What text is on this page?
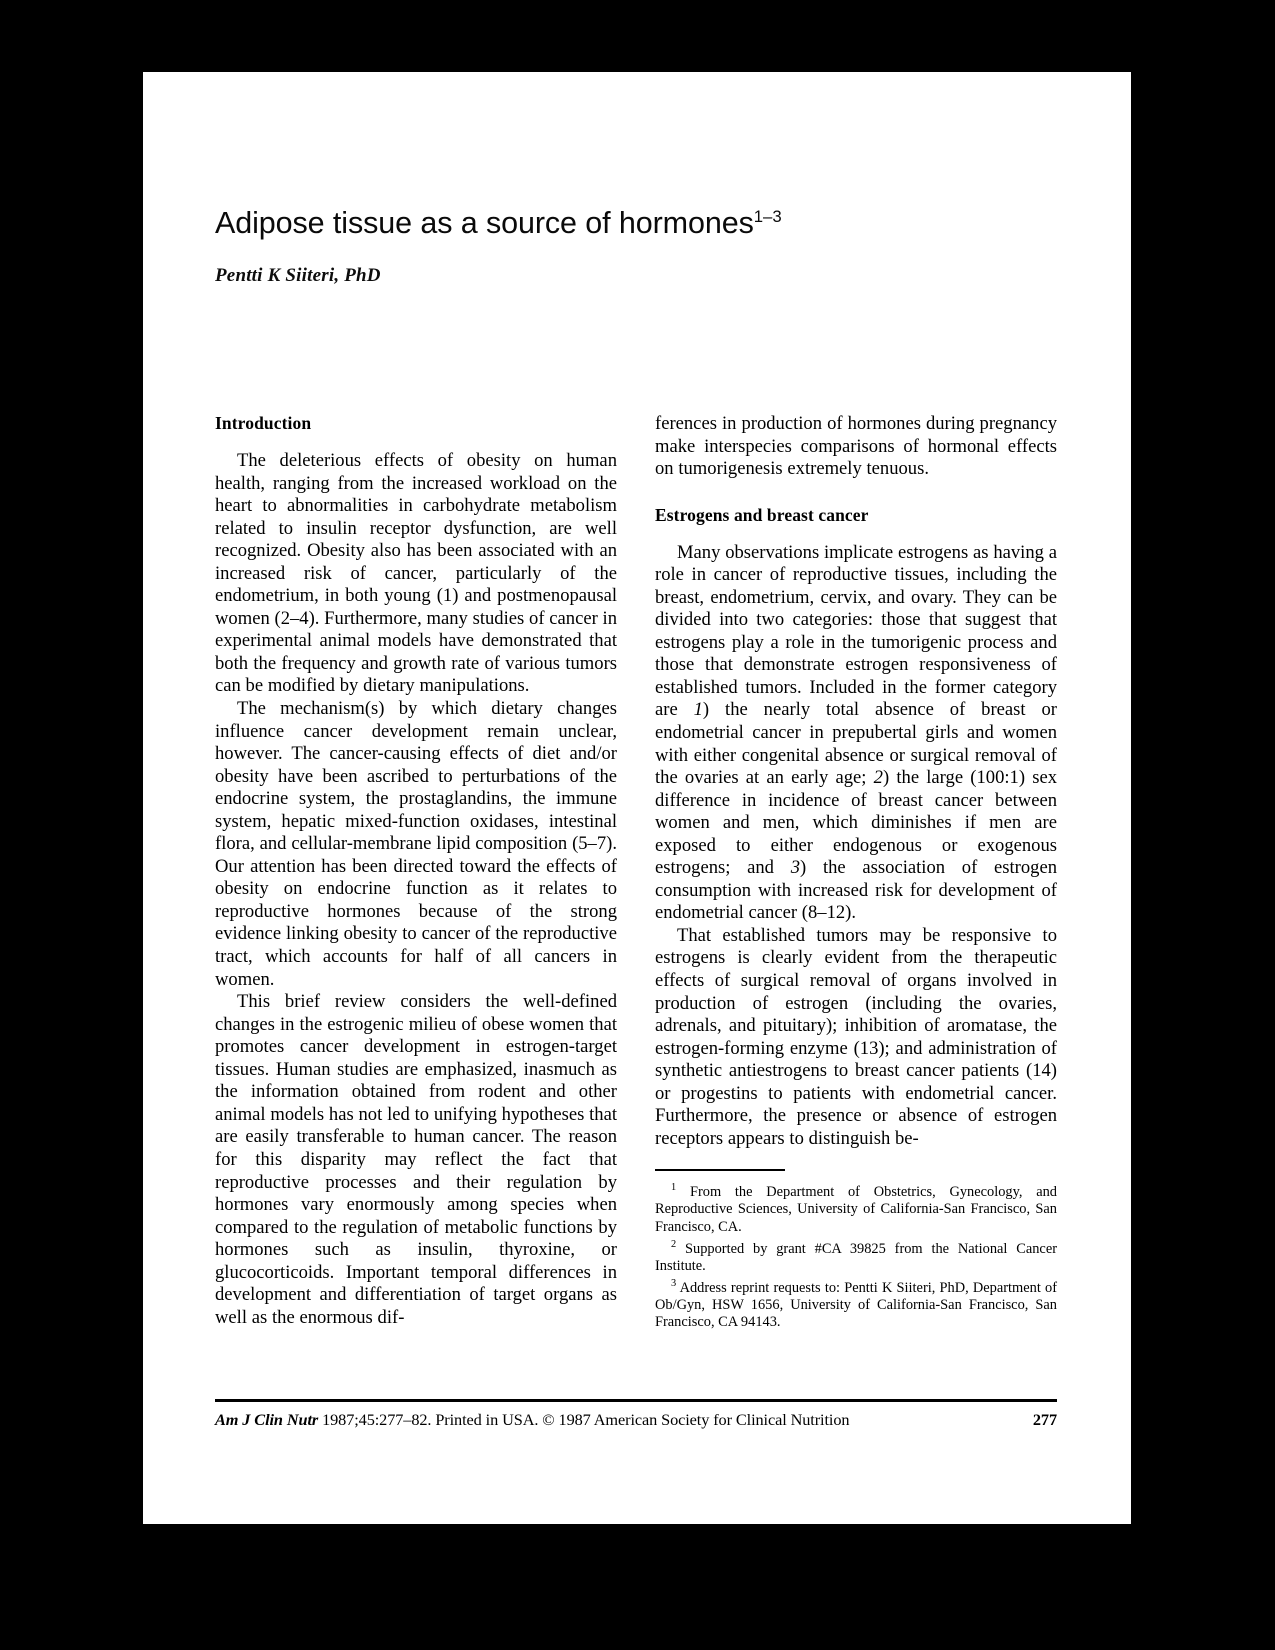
Adipose tissue as a source of hormones$^{1-3}$
Pentti K Siiteri, PhD
Introduction

The deleterious effects of obesity on human health, ranging from the increased workload on the heart to abnormalities in carbohydrate metabolism related to insulin receptor dysfunction, are well recognized. Obesity also has been associated with an increased risk of cancer, particularly of the endometrium, in both young (1) and postmenopausal women (2–4). Furthermore, many studies of cancer in experimental animal models have demonstrated that both the frequency and growth rate of various tumors can be modified by dietary manipulations.

The mechanism(s) by which dietary changes influence cancer development remain unclear, however. The cancer-causing effects of diet and/or obesity have been ascribed to perturbations of the endocrine system, the prostaglandins, the immune system, hepatic mixed-function oxidases, intestinal flora, and cellular-membrane lipid composition (5–7). Our attention has been directed toward the effects of obesity on endocrine function as it relates to reproductive hormones because of the strong evidence linking obesity to cancer of the reproductive tract, which accounts for half of all cancers in women.

This brief review considers the well-defined changes in the estrogenic milieu of obese women that promotes cancer development in estrogen-target tissues. Human studies are emphasized, inasmuch as the information obtained from rodent and other animal models has not led to unifying hypotheses that are easily transferable to human cancer. The reason for this disparity may reflect the fact that reproductive processes and their regulation by hormones vary enormously among species when compared to the regulation of metabolic functions by hormones such as insulin, thyroxine, or glucocorticoids. Important temporal differences in development and differentiation of target organs as well as the enormous dif-

ferences in production of hormones during pregnancy make interspecies comparisons of hormonal effects on tumorigenesis extremely tenuous.

Estrogens and breast cancer

Many observations implicate estrogens as having a role in cancer of reproductive tissues, including the breast, endometrium, cervix, and ovary. They can be divided into two categories: those that suggest that estrogens play a role in the tumorigenic process and those that demonstrate estrogen responsiveness of established tumors. Included in the former category are 1) the nearly total absence of breast or endometrial cancer in prepubertal girls and women with either congenital absence or surgical removal of the ovaries at an early age; 2) the large (100:1) sex difference in incidence of breast cancer between women and men, which diminishes if men are exposed to either endogenous or exogenous estrogens; and 3) the association of estrogen consumption with increased risk for development of endometrial cancer (8–12).

That established tumors may be responsive to estrogens is clearly evident from the therapeutic effects of surgical removal of organs involved in production of estrogen (including the ovaries, adrenals, and pituitary); inhibition of aromatase, the estrogen-forming enzyme (13); and administration of synthetic antiestrogens to breast cancer patients (14) or progestins to patients with endometrial cancer. Furthermore, the presence or absence of estrogen receptors appears to distinguish be-

$^1$ From the Department of Obstetrics, Gynecology, and Reproductive Sciences, University of California-San Francisco, San Francisco, CA.

$^2$ Supported by grant #CA 39825 from the National Cancer Institute.

$^3$ Address reprint requests to: Pentti K Siiteri, PhD, Department of Ob/Gyn, HSW 1656, University of California-San Francisco, San Francisco, CA 94143.

Am J Clin Nutr 1987;45:277–82. Printed in USA. © 1987 American Society for Clinical Nutrition	277
